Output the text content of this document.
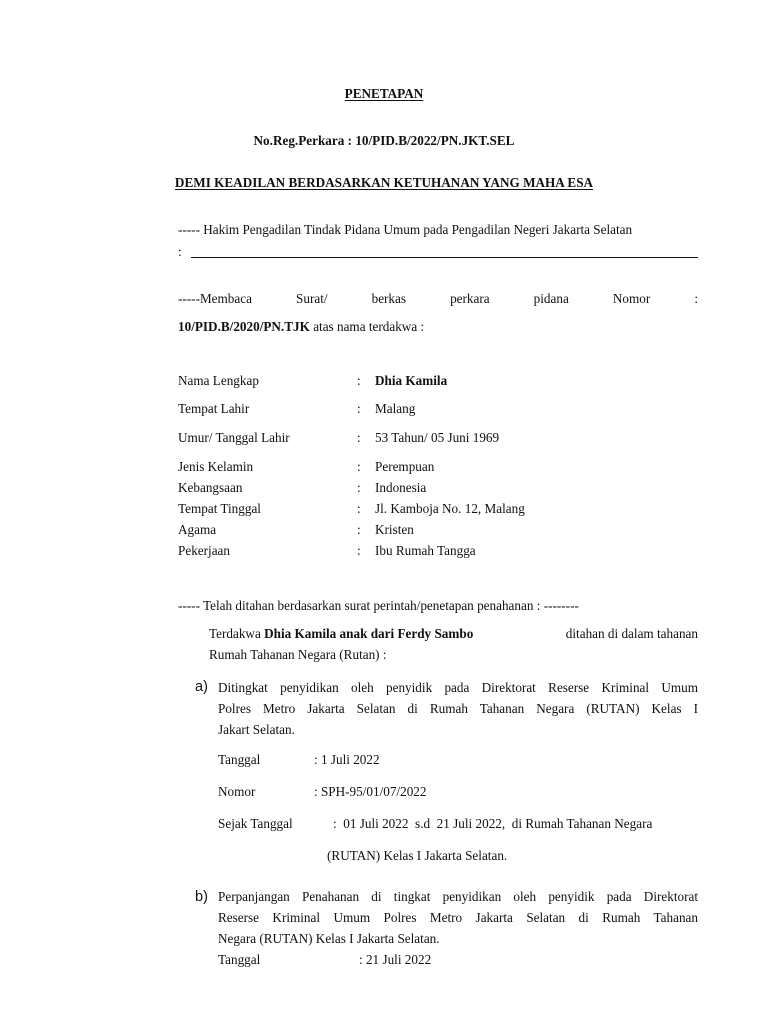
PENETAPAN
No.Reg.Perkara : 10/PID.B/2022/PN.JKT.SEL
DEMI KEADILAN BERDASARKAN KETUHANAN YANG MAHA ESA
----- Hakim Pengadilan Tindak Pidana Umum pada Pengadilan Negeri Jakarta Selatan
:
-----Membaca	Surat/	berkas	perkara	pidana	Nomor	:
10/PID.B/2020/PN.TJK atas nama terdakwa :
Nama Lengkap	: Dhia Kamila
Tempat Lahir	: Malang
Umur/ Tanggal Lahir	: 53 Tahun/ 05 Juni 1969
Jenis Kelamin	: Perempuan
Kebangsaan	: Indonesia
Tempat Tinggal	: Jl. Kamboja No. 12, Malang
Agama	: Kristen
Pekerjaan	: Ibu Rumah Tangga
----- Telah ditahan berdasarkan surat perintah/penetapan penahanan : --------
Terdakwa Dhia Kamila anak dari Ferdy Sambo	ditahan di dalam tahanan
Rumah Tahanan Negara (Rutan) :
a) Ditingkat penyidikan oleh penyidik pada Direktorat Reserse Kriminal Umum
Polres Metro Jakarta Selatan di Rumah Tahanan Negara (RUTAN) Kelas I
Jakart Selatan.
Tanggal	: 1 Juli 2022
Nomor	: SPH-95/01/07/2022
Sejak Tanggal	:  01 Juli 2022  s.d  21 Juli 2022,  di Rumah Tahanan Negara
(RUTAN) Kelas I Jakarta Selatan.
b) Perpanjangan Penahanan di tingkat penyidikan oleh penyidik pada Direktorat
Reserse Kriminal Umum Polres Metro Jakarta Selatan di Rumah Tahanan
Negara (RUTAN) Kelas I Jakarta Selatan.
Tanggal	: 21 Juli 2022
